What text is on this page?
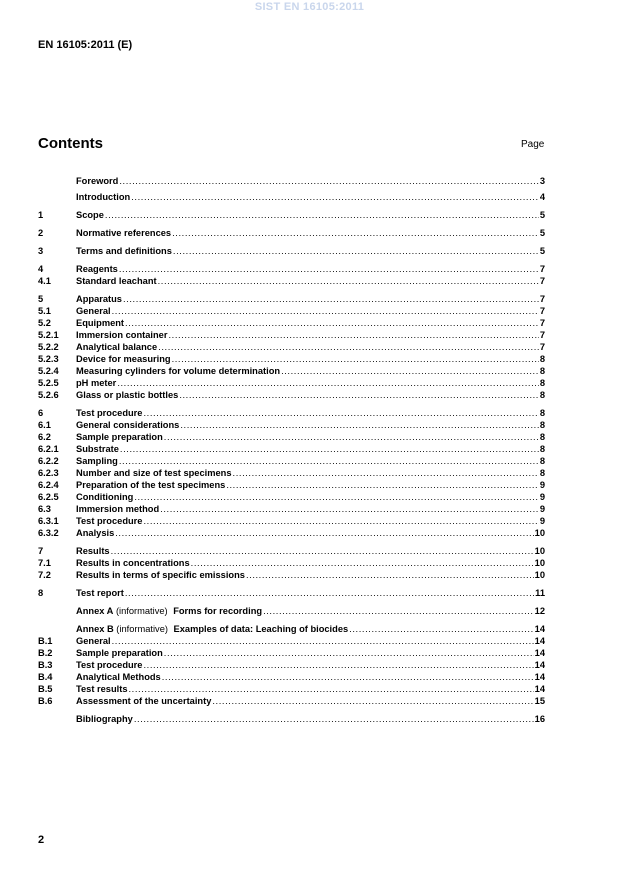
SIST EN 16105:2011
EN 16105:2011 (E)
Contents	Page
Foreword .....	3
Introduction .....	4
1	Scope .....	5
2	Normative references .....	5
3	Terms and definitions .....	5
4	Reagents .....	7
4.1	Standard leachant .....	7
5	Apparatus .....	7
5.1	General .....	7
5.2	Equipment .....	7
5.2.1	Immersion container .....	7
5.2.2	Analytical balance .....	7
5.2.3	Device for measuring .....	8
5.2.4	Measuring cylinders for volume determination .....	8
5.2.5	pH meter .....	8
5.2.6	Glass or plastic bottles .....	8
6	Test procedure .....	8
6.1	General considerations .....	8
6.2	Sample preparation .....	8
6.2.1	Substrate .....	8
6.2.2	Sampling .....	8
6.2.3	Number and size of test specimens .....	8
6.2.4	Preparation of the test specimens .....	9
6.2.5	Conditioning .....	9
6.3	Immersion method .....	9
6.3.1	Test procedure .....	9
6.3.2	Analysis .....	10
7	Results .....	10
7.1	Results in concentrations .....	10
7.2	Results in terms of specific emissions .....	10
8	Test report .....	11
Annex A (informative) Forms for recording .....	12
Annex B (informative) Examples of data: Leaching of biocides .....	14
B.1	General .....	14
B.2	Sample preparation .....	14
B.3	Test procedure .....	14
B.4	Analytical Methods .....	14
B.5	Test results .....	14
B.6	Assessment of the uncertainty .....	15
Bibliography .....	16
2
